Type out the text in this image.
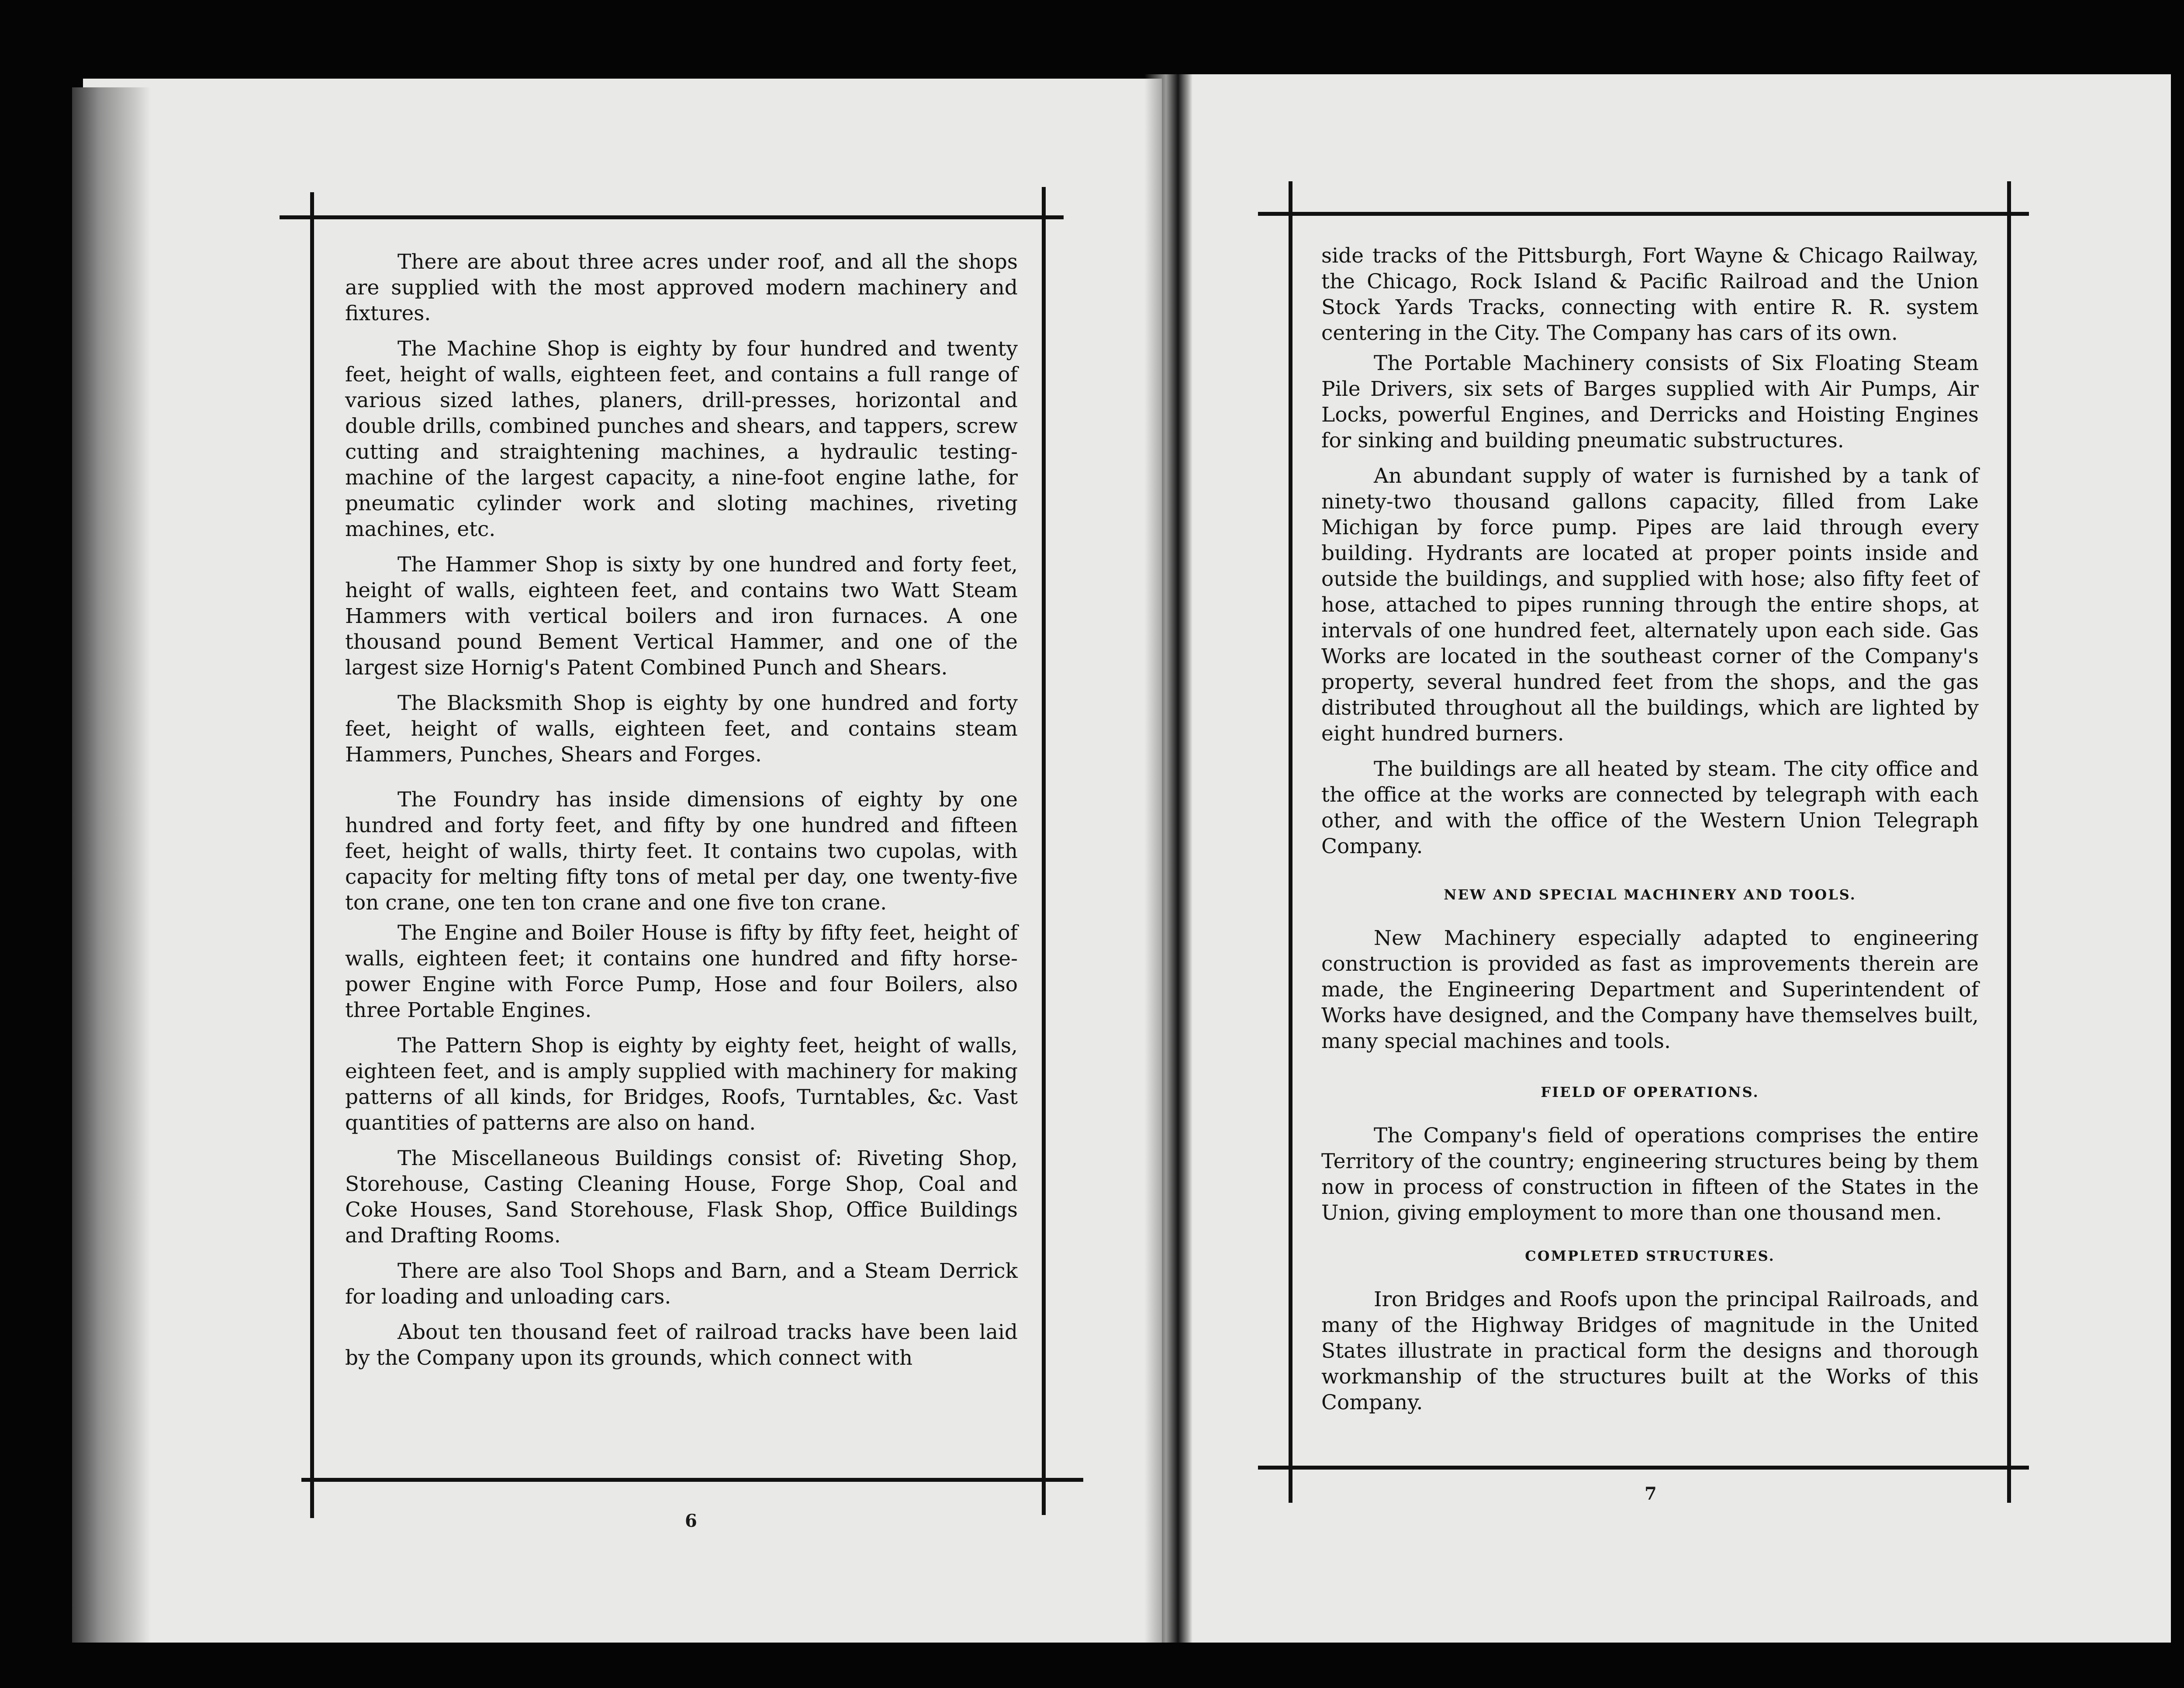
There are about three acres under roof, and all the shops are supplied with the most approved modern machinery and fixtures.

The Machine Shop is eighty by four hundred and twenty feet, height of walls, eighteen feet, and contains a full range of various sized lathes, planers, drill-presses, horizontal and double drills, combined punches and shears, and tappers, screw cutting and straightening machines, a hydraulic testing-machine of the largest capacity, a nine-foot engine lathe, for pneumatic cylinder work and sloting machines, riveting machines, etc.

The Hammer Shop is sixty by one hundred and forty feet, height of walls, eighteen feet, and contains two Watt Steam Hammers with vertical boilers and iron furnaces. A one thousand pound Bement Vertical Hammer, and one of the largest size Hornig's Patent Combined Punch and Shears.

The Blacksmith Shop is eighty by one hundred and forty feet, height of walls, eighteen feet, and contains steam Hammers, Punches, Shears and Forges.

The Foundry has inside dimensions of eighty by one hundred and forty feet, and fifty by one hundred and fifteen feet, height of walls, thirty feet. It contains two cupolas, with capacity for melting fifty tons of metal per day, one twenty-five ton crane, one ten ton crane and one five ton crane.

The Engine and Boiler House is fifty by fifty feet, height of walls, eighteen feet; it contains one hundred and fifty horse-power Engine with Force Pump, Hose and four Boilers, also three Portable Engines.

The Pattern Shop is eighty by eighty feet, height of walls, eighteen feet, and is amply supplied with machinery for making patterns of all kinds, for Bridges, Roofs, Turntables, &c. Vast quantities of patterns are also on hand.

The Miscellaneous Buildings consist of: Riveting Shop, Storehouse, Casting Cleaning House, Forge Shop, Coal and Coke Houses, Sand Storehouse, Flask Shop, Office Buildings and Drafting Rooms.

There are also Tool Shops and Barn, and a Steam Derrick for loading and unloading cars.

About ten thousand feet of railroad tracks have been laid by the Company upon its grounds, which connect with

side tracks of the Pittsburgh, Fort Wayne & Chicago Railway, the Chicago, Rock Island & Pacific Railroad and the Union Stock Yards Tracks, connecting with entire R. R. system centering in the City. The Company has cars of its own.

The Portable Machinery consists of Six Floating Steam Pile Drivers, six sets of Barges supplied with Air Pumps, Air Locks, powerful Engines, and Derricks and Hoisting Engines for sinking and building pneumatic substructures.

An abundant supply of water is furnished by a tank of ninety-two thousand gallons capacity, filled from Lake Michigan by force pump. Pipes are laid through every building. Hydrants are located at proper points inside and outside the buildings, and supplied with hose; also fifty feet of hose, attached to pipes running through the entire shops, at intervals of one hundred feet, alternately upon each side. Gas Works are located in the southeast corner of the Company's property, several hundred feet from the shops, and the gas distributed throughout all the buildings, which are lighted by eight hundred burners.

The buildings are all heated by steam. The city office and the office at the works are connected by telegraph with each other, and with the office of the Western Union Telegraph Company.

NEW AND SPECIAL MACHINERY AND TOOLS.

New Machinery especially adapted to engineering construction is provided as fast as improvements therein are made, the Engineering Department and Superintendent of Works have designed, and the Company have themselves built, many special machines and tools.

FIELD OF OPERATIONS.

The Company's field of operations comprises the entire Territory of the country; engineering structures being by them now in process of construction in fifteen of the States in the Union, giving employment to more than one thousand men.

COMPLETED STRUCTURES.

Iron Bridges and Roofs upon the principal Railroads, and many of the Highway Bridges of magnitude in the United States illustrate in practical form the designs and thorough workmanship of the structures built at the Works of this Company.

6
7
